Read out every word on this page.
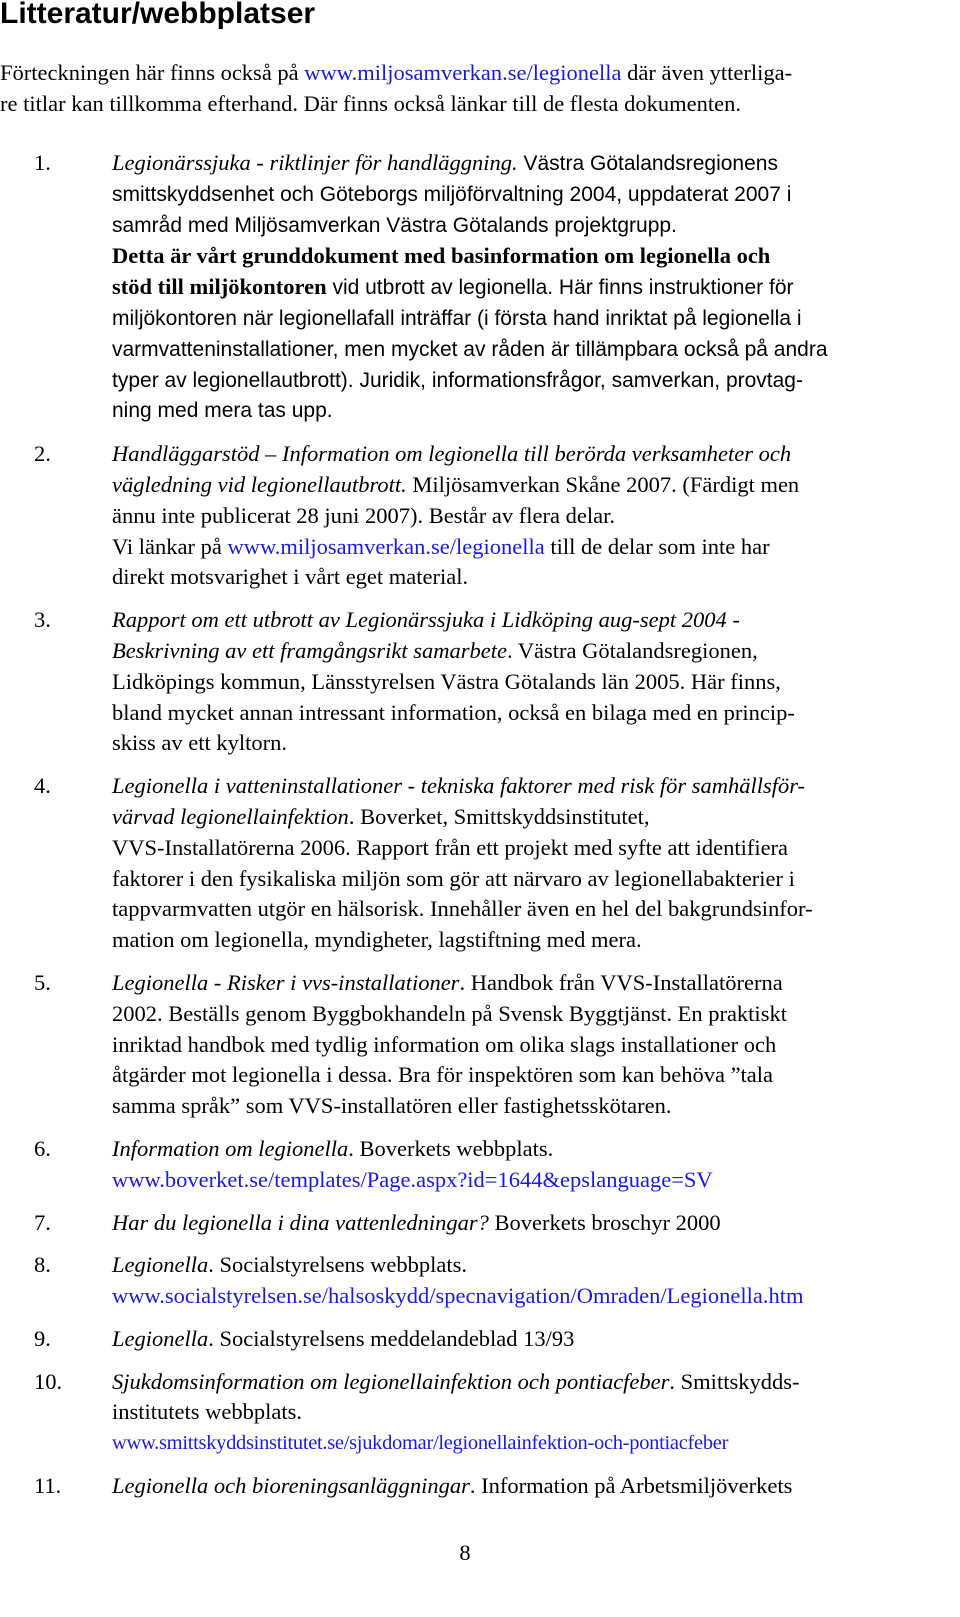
Litteratur/webbplatser

Förteckningen här finns också på www.miljosamverkan.se/legionella där även ytterliga-
re titlar kan tillkomma efterhand. Där finns också länkar till de flesta dokumenten.

1.	Legionärssjuka - riktlinjer för handläggning. Västra Götalandsregionens
smittskyddsenhet och Göteborgs miljöförvaltning 2004, uppdaterat 2007 i
samråd med Miljösamverkan Västra Götalands projektgrupp.
Detta är vårt grunddokument med basinformation om legionella och
stöd till miljökontoren vid utbrott av legionella. Här finns instruktioner för
miljökontoren när legionellafall inträffar (i första hand inriktat på legionella i
varmvatteninstallationer, men mycket av råden är tillämpbara också på andra
typer av legionellautbrott). Juridik, informationsfrågor, samverkan, provtag-
ning med mera tas upp.
2.	Handläggarstöd – Information om legionella till berörda verksamheter och
vägledning vid legionellautbrott. Miljösamverkan Skåne 2007. (Färdigt men
ännu inte publicerat 28 juni 2007). Består av flera delar.
Vi länkar på www.miljosamverkan.se/legionella till de delar som inte har
direkt motsvarighet i vårt eget material.
3.	Rapport om ett utbrott av Legionärssjuka i Lidköping aug-sept 2004 -
Beskrivning av ett framgångsrikt samarbete. Västra Götalandsregionen,
Lidköpings kommun, Länsstyrelsen Västra Götalands län 2005. Här finns,
bland mycket annan intressant information, också en bilaga med en princip-
skiss av ett kyltorn.
4.	Legionella i vatteninstallationer - tekniska faktorer med risk för samhällsför-
värvad legionellainfektion. Boverket, Smittskyddsinstitutet,
VVS-Installatörerna 2006. Rapport från ett projekt med syfte att identifiera
faktorer i den fysikaliska miljön som gör att närvaro av legionellabakterier i
tappvarmvatten utgör en hälsorisk. Innehåller även en hel del bakgrundsinfor-
mation om legionella, myndigheter, lagstiftning med mera.
5.	Legionella - Risker i vvs-installationer. Handbok från VVS-Installatörerna
2002. Beställs genom Byggbokhandeln på Svensk Byggtjänst. En praktiskt
inriktad handbok med tydlig information om olika slags installationer och
åtgärder mot legionella i dessa. Bra för inspektören som kan behöva ”tala
samma språk” som VVS-installatören eller fastighetsskötaren.
6.	Information om legionella. Boverkets webbplats.
www.boverket.se/templates/Page.aspx?id=1644&epslanguage=SV
7.	Har du legionella i dina vattenledningar? Boverkets broschyr 2000
8.	Legionella. Socialstyrelsens webbplats.
www.socialstyrelsen.se/halsoskydd/specnavigation/Omraden/Legionella.htm
9.	Legionella. Socialstyrelsens meddelandeblad 13/93
10. Sjukdomsinformation om legionellainfektion och pontiacfeber. Smittskydds-
institutets webbplats.
www.smittskyddsinstitutet.se/sjukdomar/legionellainfektion-och-pontiacfeber
11. Legionella och bioreningsanläggningar. Information på Arbetsmiljöverkets
8
